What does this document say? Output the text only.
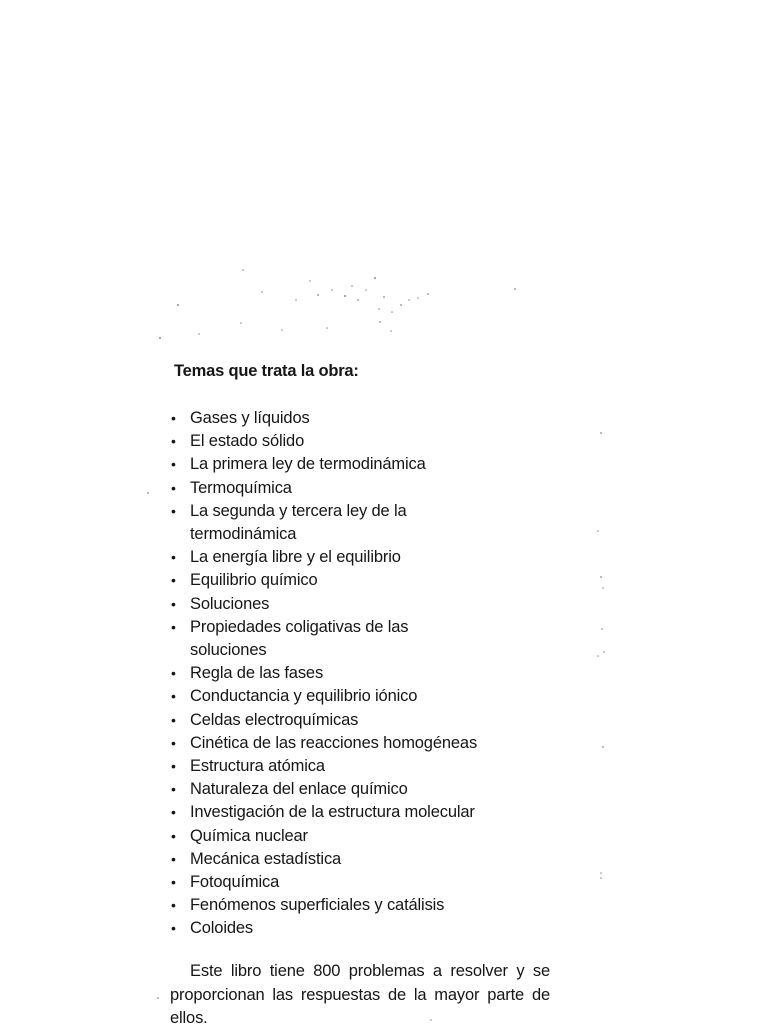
Temas que trata la obra:
• Gases y líquidos
• El estado sólido
• La primera ley de termodinámica
• Termoquímica
• La segunda y tercera ley de la termodinámica
• La energía libre y el equilibrio
• Equilibrio químico
• Soluciones
• Propiedades coligativas de las soluciones
• Regla de las fases
• Conductancia y equilibrio iónico
• Celdas electroquímicas
• Cinética de las reacciones homogéneas
• Estructura atómica
• Naturaleza del enlace químico
• Investigación de la estructura molecular
• Química nuclear
• Mecánica estadística
• Fotoquímica
• Fenómenos superficiales y catálisis
• Coloides

Este libro tiene 800 problemas a resolver y se proporcionan las respuestas de la mayor parte de ellos.
